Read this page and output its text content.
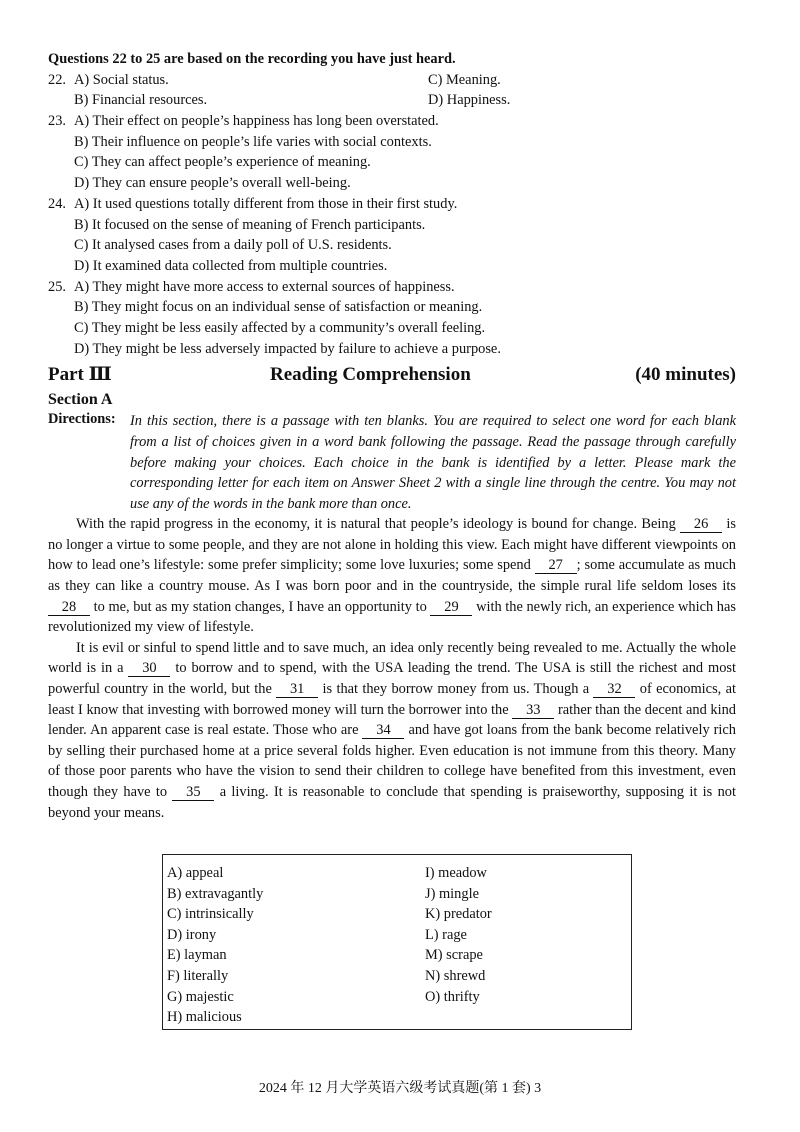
Questions 22 to 25 are based on the recording you have just heard.
22. A) Social status.	C) Meaning.
B) Financial resources.	D) Happiness.
23. A) Their effect on people’s happiness has long been overstated.
B) Their influence on people’s life varies with social contexts.
C) They can affect people’s experience of meaning.
D) They can ensure people’s overall well-being.
24. A) It used questions totally different from those in their first study.
B) It focused on the sense of meaning of French participants.
C) It analysed cases from a daily poll of U.S. residents.
D) It examined data collected from multiple countries.
25. A) They might have more access to external sources of happiness.
B) They might focus on an individual sense of satisfaction or meaning.
C) They might be less easily affected by a community’s overall feeling.
D) They might be less adversely impacted by failure to achieve a purpose.
Part Ⅲ	Reading Comprehension	(40 minutes)
Section A
Directions: In this section, there is a passage with ten blanks. You are required to select one word for each blank from a list of choices given in a word bank following the passage. Read the passage through carefully before making your choices. Each choice in the bank is identified by a letter. Please mark the corresponding letter for each item on Answer Sheet 2 with a single line through the centre. You may not use any of the words in the bank more than once.

With the rapid progress in the economy, it is natural that people’s ideology is bound for change. Being 26 is no longer a virtue to some people, and they are not alone in holding this view. Each might have different viewpoints on how to lead one’s lifestyle: some prefer simplicity; some love luxuries; some spend 27 ; some accumulate as much as they can like a country mouse. As I was born poor and in the countryside, the simple rural life seldom loses its 28 to me, but as my station changes, I have an opportunity to 29 with the newly rich, an experience which has revolutionized my view of lifestyle.

It is evil or sinful to spend little and to save much, an idea only recently being revealed to me. Actually the whole world is in a 30 to borrow and to spend, with the USA leading the trend. The USA is still the richest and most powerful country in the world, but the 31 is that they borrow money from us. Though a 32 of economics, at least I know that investing with borrowed money will turn the borrower into the 33 rather than the decent and kind lender. An apparent case is real estate. Those who are 34 and have got loans from the bank become relatively rich by selling their purchased home at a price several folds higher. Even education is not immune from this theory. Many of those poor parents who have the vision to send their children to college have benefited from this investment, even though they have to 35 a living. It is reasonable to conclude that spending is praiseworthy, supposing it is not beyond your means.

A) appeal
B) extravagantly
C) intrinsically
D) irony
E) layman
F) literally
G) majestic
H) malicious
I) meadow
J) mingle
K) predator
L) rage
M) scrape
N) shrewd
O) thrifty
2024 年 12 月大学英语六级考试真题(第 1 套) 3
